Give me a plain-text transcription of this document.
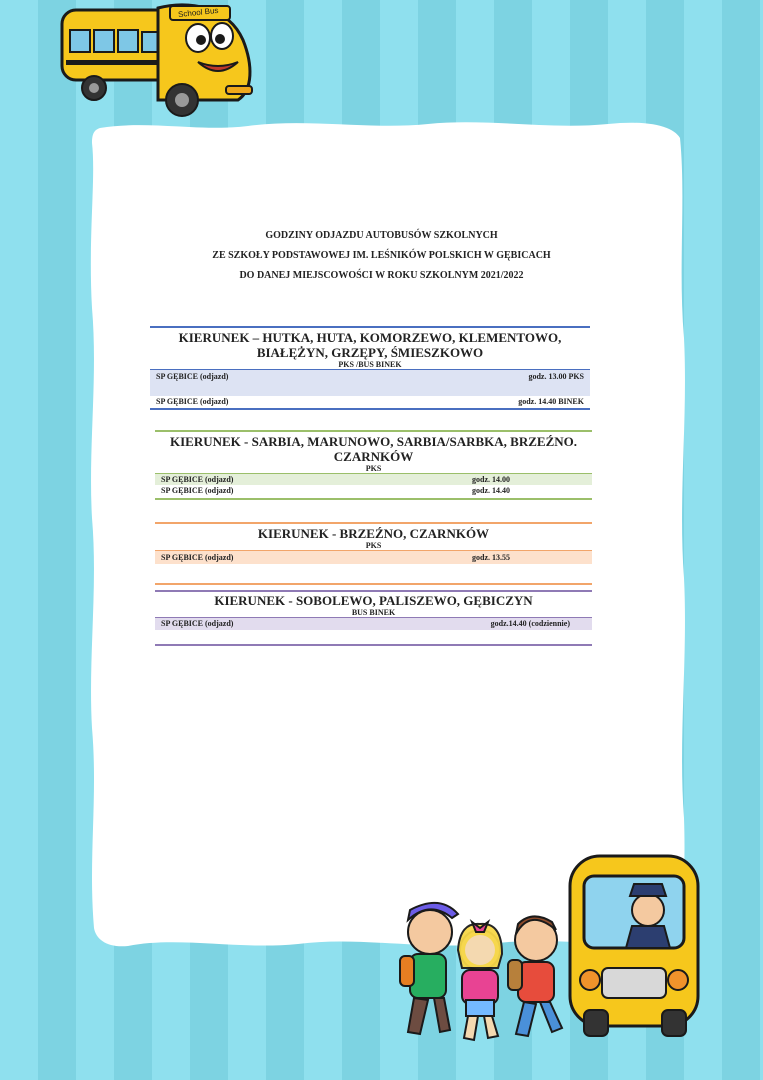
GODZINY ODJAZDU AUTOBUSÓW SZKOLNYCH
ZE SZKOŁY PODSTAWOWEJ IM. LEŚNIKÓW POLSKICH W GĘBICACH
DO DANEJ MIEJSCOWOŚCI W ROKU SZKOLNYM 2021/2022
KIERUNEK – HUTKA, HUTA, KOMORZEWO, KLEMENTOWO,
BIAŁĘŻYN, GRZĘPY, ŚMIESZKOWO
PKS /BUS BINEK
SP GĘBICE (odjazd)	godz. 13.00 PKS
SP GĘBICE (odjazd)	godz. 14.40 BINEK
KIERUNEK - SARBIA, MARUNOWO, SARBIA/SARBKA, BRZEŹNO.
CZARNKÓW
PKS
SP GĘBICE (odjazd)	godz. 14.00
SP GĘBICE (odjazd)	godz. 14.40
KIERUNEK - BRZEŹNO, CZARNKÓW
PKS
SP GĘBICE (odjazd)	godz. 13.55
KIERUNEK - SOBOLEWO, PALISZEWO, GĘBICZYN
BUS BINEK
SP GĘBICE (odjazd)	godz.14.40 (codziennie)
School Bus
